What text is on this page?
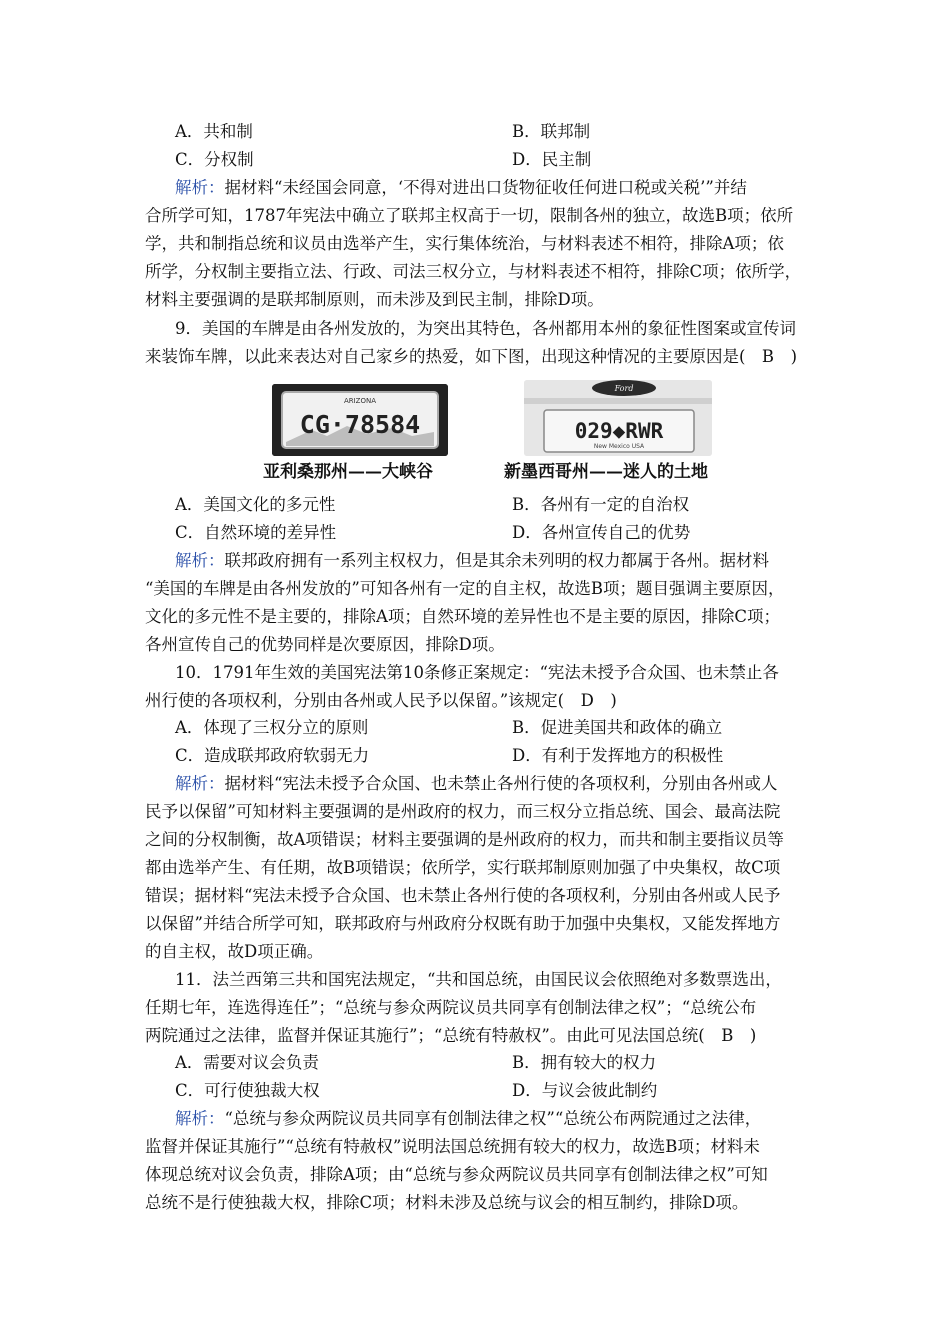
A．共和制	B．联邦制
C．分权制	D．民主制
解析：据材料“未经国会同意，‘不得对进出口货物征收任何进口税或关税’”并结
合所学可知，1787年宪法中确立了联邦主权高于一切，限制各州的独立，故选B项；依所
学，共和制指总统和议员由选举产生，实行集体统治，与材料表述不相符，排除A项；依
所学，分权制主要指立法、行政、司法三权分立，与材料表述不相符，排除C项；依所学，
材料主要强调的是联邦制原则，而未涉及到民主制，排除D项。
9．美国的车牌是由各州发放的，为突出其特色，各州都用本州的象征性图案或宣传词
来装饰车牌，以此来表达对自己家乡的热爱，如下图，出现这种情况的主要原因是(　B　)
ARIZONA
CG·78584
Ford
029◆RWR
New Mexico USA
亚利桑那州——大峡谷	新墨西哥州——迷人的土地
A．美国文化的多元性	B．各州有一定的自治权
C．自然环境的差异性	D．各州宣传自己的优势
解析：联邦政府拥有一系列主权权力，但是其余未列明的权力都属于各州。据材料
“美国的车牌是由各州发放的”可知各州有一定的自主权，故选B项；题目强调主要原因，
文化的多元性不是主要的，排除A项；自然环境的差异性也不是主要的原因，排除C项；
各州宣传自己的优势同样是次要原因，排除D项。
10．1791年生效的美国宪法第10条修正案规定：“宪法未授予合众国、也未禁止各
州行使的各项权利，分别由各州或人民予以保留。”该规定(　D　)
A．体现了三权分立的原则	B．促进美国共和政体的确立
C．造成联邦政府软弱无力	D．有利于发挥地方的积极性
解析：据材料“宪法未授予合众国、也未禁止各州行使的各项权利，分别由各州或人
民予以保留”可知材料主要强调的是州政府的权力，而三权分立指总统、国会、最高法院
之间的分权制衡，故A项错误；材料主要强调的是州政府的权力，而共和制主要指议员等
都由选举产生、有任期，故B项错误；依所学，实行联邦制原则加强了中央集权，故C项
错误；据材料“宪法未授予合众国、也未禁止各州行使的各项权利，分别由各州或人民予
以保留”并结合所学可知，联邦政府与州政府分权既有助于加强中央集权，又能发挥地方
的自主权，故D项正确。
11．法兰西第三共和国宪法规定，“共和国总统，由国民议会依照绝对多数票选出，
任期七年，连选得连任”；“总统与参众两院议员共同享有创制法律之权”；“总统公布
两院通过之法律，监督并保证其施行”；“总统有特赦权”。由此可见法国总统(　B　)
A．需要对议会负责	B．拥有较大的权力
C．可行使独裁大权	D．与议会彼此制约
解析：“总统与参众两院议员共同享有创制法律之权”“总统公布两院通过之法律，
监督并保证其施行”“总统有特赦权”说明法国总统拥有较大的权力，故选B项；材料未
体现总统对议会负责，排除A项；由“总统与参众两院议员共同享有创制法律之权”可知
总统不是行使独裁大权，排除C项；材料未涉及总统与议会的相互制约，排除D项。
